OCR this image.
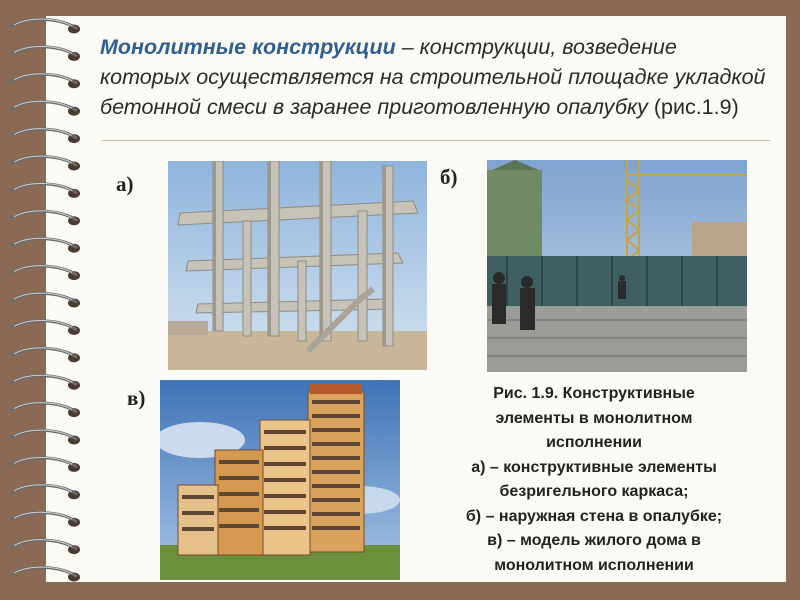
Монолитные конструкции – конструкции, возведение которых осуществляется на строительной площадке укладкой бетонной смеси в заранее приготовленную опалубку (рис.1.9)
а)	б)
в)	Рис. 1.9. Конструктивные
элементы в монолитном
исполнении
а) – конструктивные элементы
безригельного каркаса;
б) – наружная стена в опалубке;
в) – модель жилого дома в
монолитном исполнении
